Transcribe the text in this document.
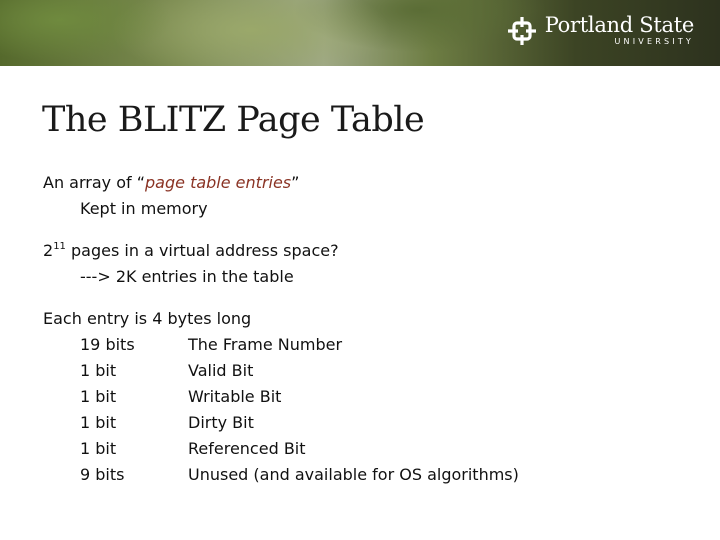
Portland State
UNIVERSITY
The BLITZ Page Table
An array of “page table entries”
Kept in memory
$2^{11}$ pages in a virtual address space?
---> 2K entries in the table
Each entry is 4 bytes long
19 bits	The Frame Number
1 bit	Valid Bit
1 bit	Writable Bit
1 bit	Dirty Bit
1 bit	Referenced Bit
9 bits	Unused (and available for OS algorithms)
